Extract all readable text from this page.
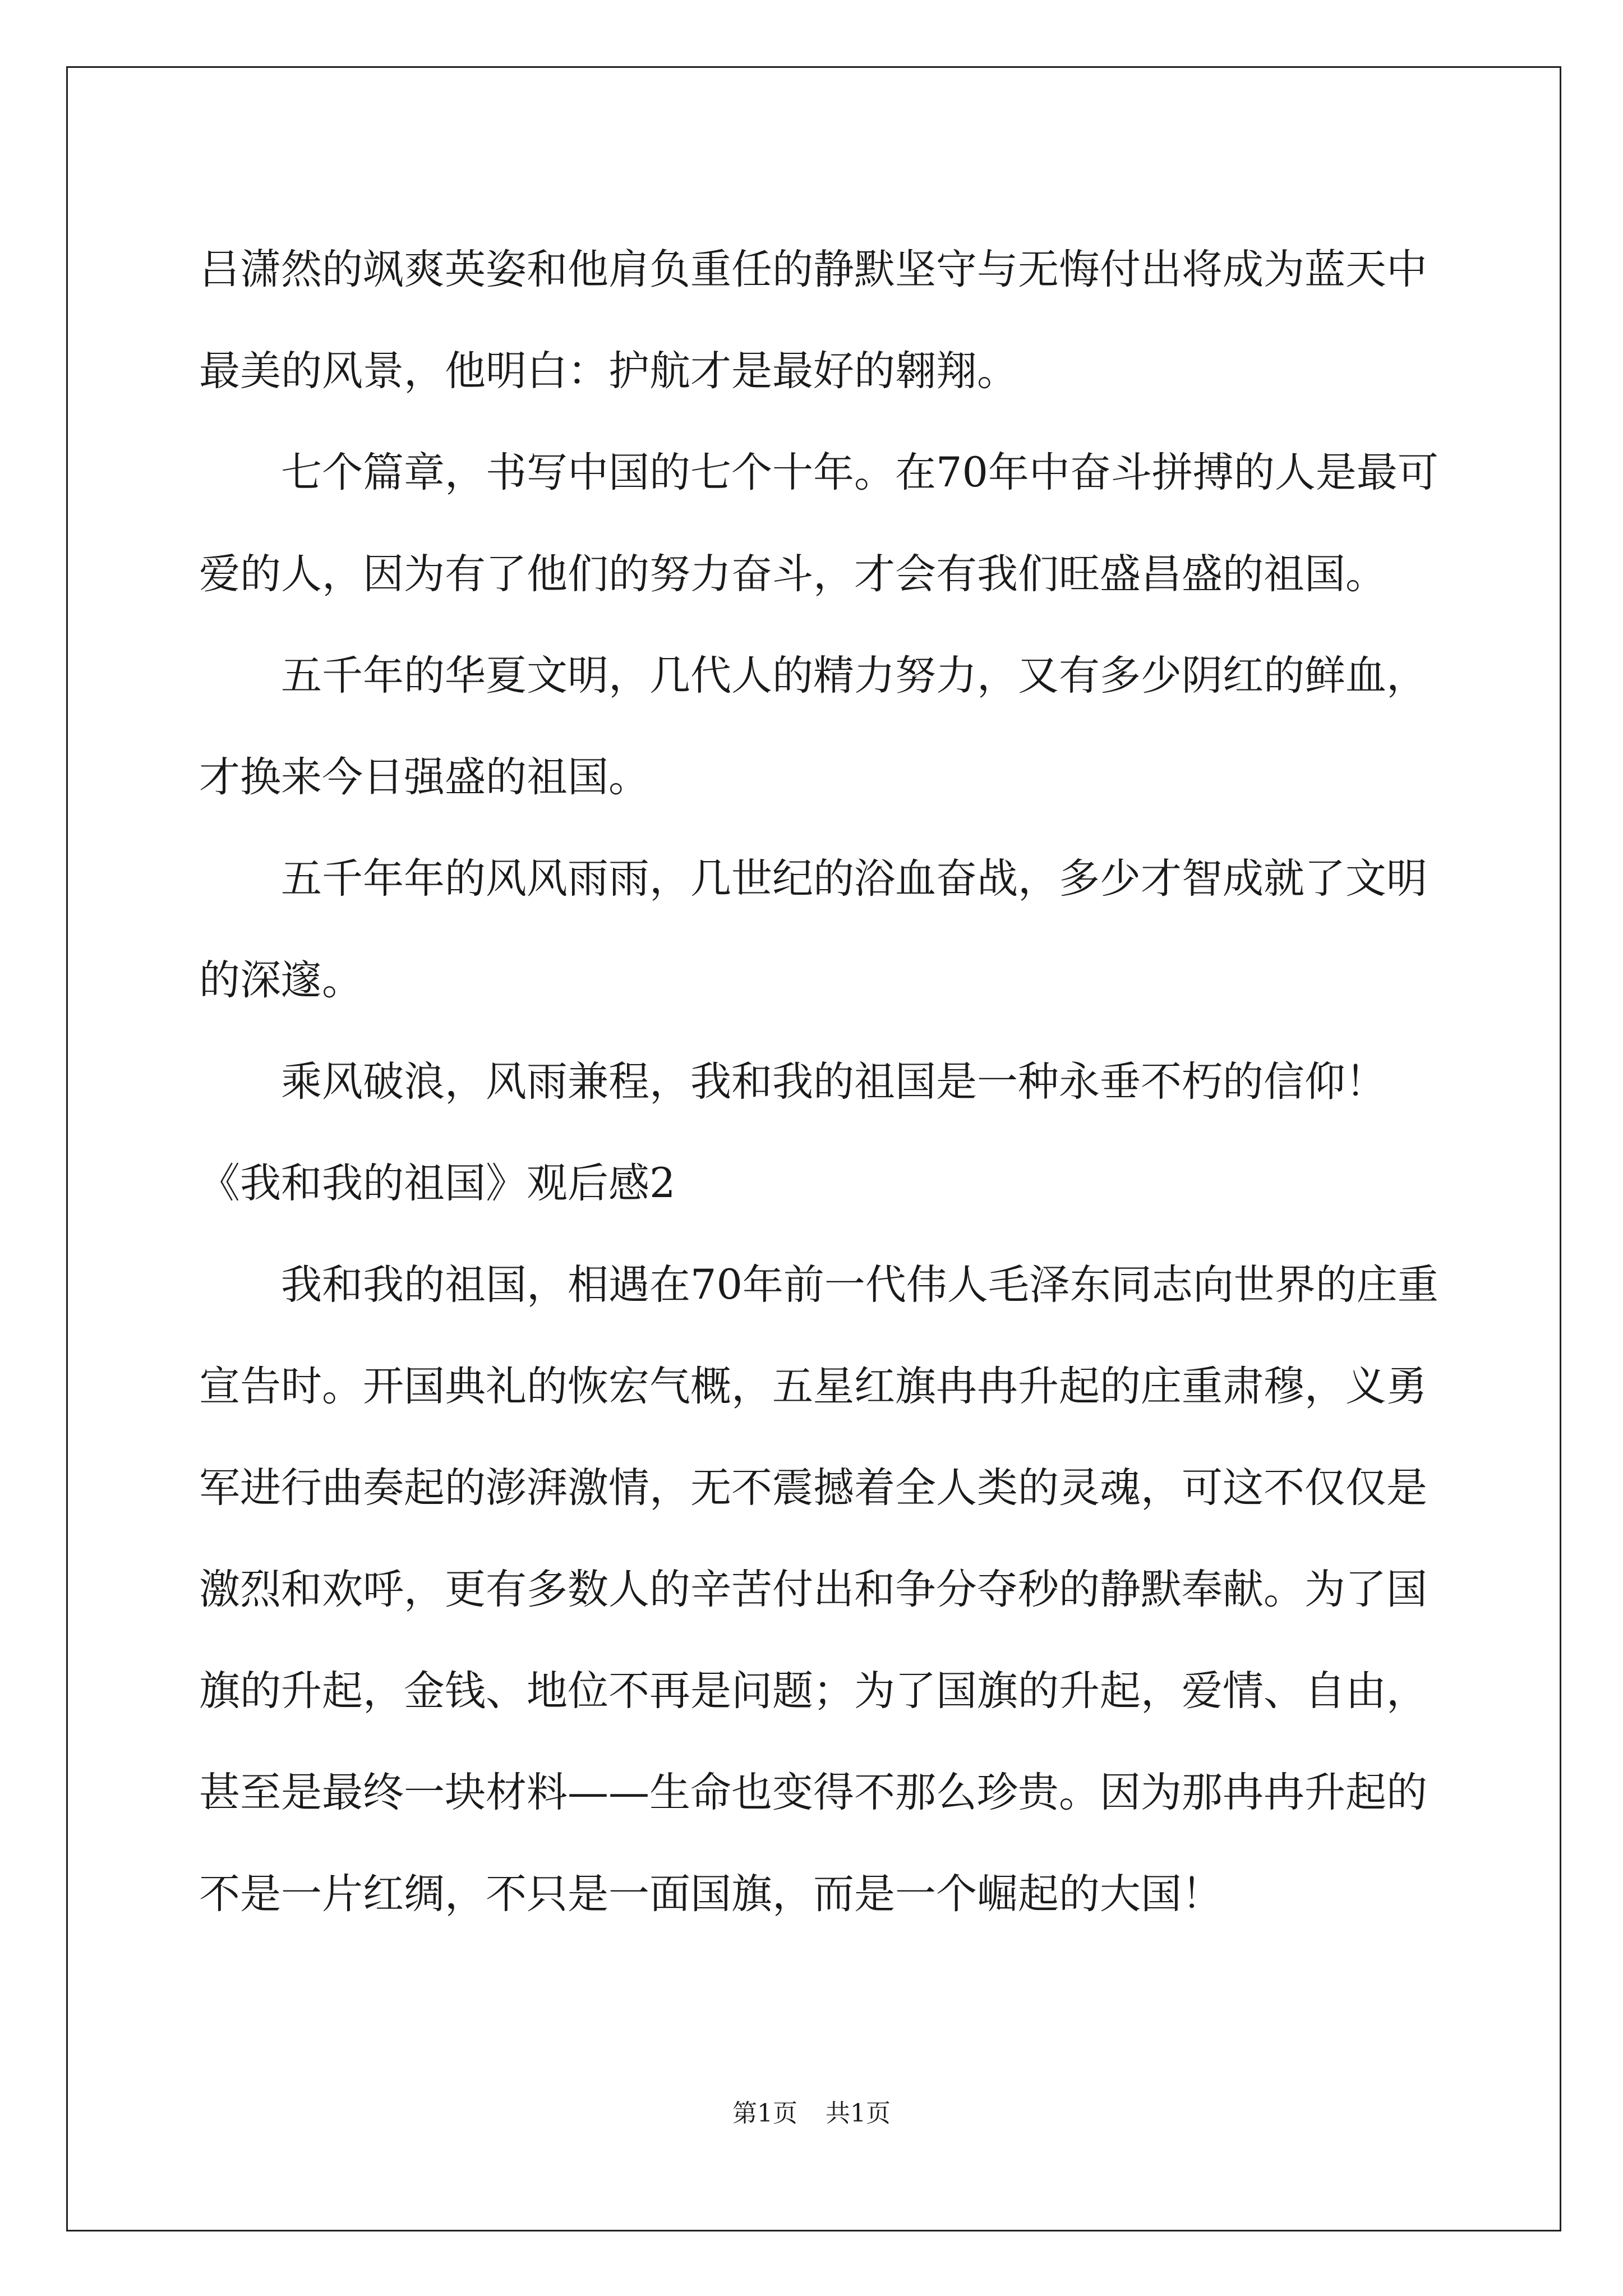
吕潇然的飒爽英姿和他肩负重任的静默坚守与无悔付出将成为蓝天中
最美的风景，他明白：护航才是最好的翱翔。
七个篇章，书写中国的七个十年。在70年中奋斗拼搏的人是最可
爱的人，因为有了他们的努力奋斗，才会有我们旺盛昌盛的祖国。
五千年的华夏文明，几代人的精力努力，又有多少阴红的鲜血，
才换来今日强盛的祖国。
五千年年的风风雨雨，几世纪的浴血奋战，多少才智成就了文明
的深邃。
乘风破浪，风雨兼程，我和我的祖国是一种永垂不朽的信仰！
《我和我的祖国》观后感2
我和我的祖国，相遇在70年前一代伟人毛泽东同志向世界的庄重
宣告时。开国典礼的恢宏气概，五星红旗冉冉升起的庄重肃穆，义勇
军进行曲奏起的澎湃激情，无不震撼着全人类的灵魂，可这不仅仅是
激烈和欢呼，更有多数人的辛苦付出和争分夺秒的静默奉献。为了国
旗的升起，金钱、地位不再是问题；为了国旗的升起，爱情、自由，
甚至是最终一块材料——生命也变得不那么珍贵。因为那冉冉升起的
不是一片红绸，不只是一面国旗，而是一个崛起的大国！
第1页 共1页
